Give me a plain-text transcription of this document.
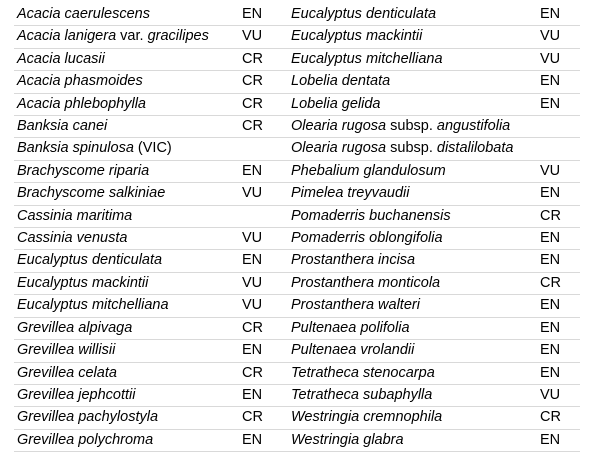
Acacia caerulescens	EN	Eucalyptus denticulata	EN
Acacia lanigera var. gracilipes	VU	Eucalyptus mackintii	VU
Acacia lucasii	CR	Eucalyptus mitchelliana	VU
Acacia phasmoides	CR	Lobelia dentata	EN
Acacia phlebophylla	CR	Lobelia gelida	EN
Banksia canei	CR	Olearia rugosa subsp. angustifolia	
Banksia spinulosa (VIC)		Olearia rugosa subsp. distalilobata	
Brachyscome riparia	EN	Phebalium glandulosum	VU
Brachyscome salkiniae	VU	Pimelea treyvaudii	EN
Cassinia maritima		Pomaderris buchanensis	CR
Cassinia venusta	VU	Pomaderris oblongifolia	EN
Eucalyptus denticulata	EN	Prostanthera incisa	EN
Eucalyptus mackintii	VU	Prostanthera monticola	CR
Eucalyptus mitchelliana	VU	Prostanthera walteri	EN
Grevillea alpivaga	CR	Pultenaea polifolia	EN
Grevillea willisii	EN	Pultenaea vrolandii	EN
Grevillea celata	CR	Tetratheca stenocarpa	EN
Grevillea jephcottii	EN	Tetratheca subaphylla	VU
Grevillea pachylostyla	CR	Westringia cremnophila	CR
Grevillea polychroma	EN	Westringia glabra	EN
